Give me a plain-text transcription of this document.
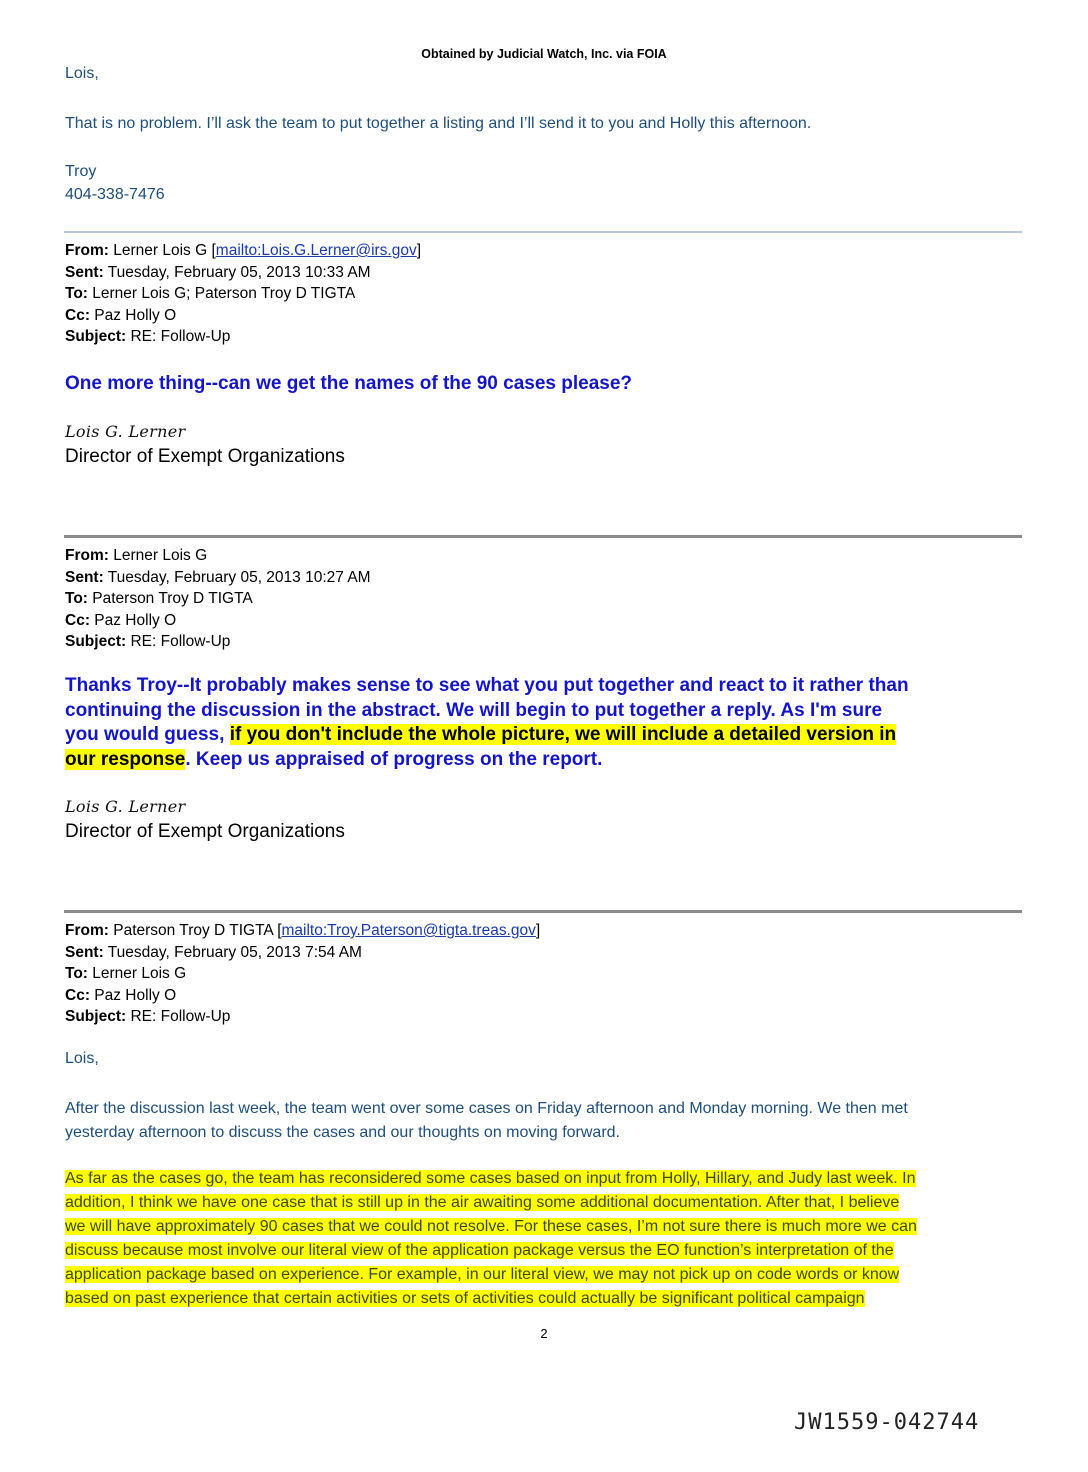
Obtained by Judicial Watch, Inc. via FOIA
Lois,
That is no problem. I’ll ask the team to put together a listing and I’ll send it to you and Holly this afternoon.
Troy
404-338-7476
From: Lerner Lois G [mailto:Lois.G.Lerner@irs.gov]
Sent: Tuesday, February 05, 2013 10:33 AM
To: Lerner Lois G; Paterson Troy D TIGTA
Cc: Paz Holly O
Subject: RE: Follow-Up
One more thing--can we get the names of the 90 cases please?
Lois G. Lerner
Director of Exempt Organizations
From: Lerner Lois G
Sent: Tuesday, February 05, 2013 10:27 AM
To: Paterson Troy D TIGTA
Cc: Paz Holly O
Subject: RE: Follow-Up
Thanks Troy--It probably makes sense to see what you put together and react to it rather than
continuing the discussion in the abstract. We will begin to put together a reply. As I'm sure
you would guess, if you don't include the whole picture, we will include a detailed version in
our response. Keep us appraised of progress on the report.
Lois G. Lerner
Director of Exempt Organizations
From: Paterson Troy D TIGTA [mailto:Troy.Paterson@tigta.treas.gov]
Sent: Tuesday, February 05, 2013 7:54 AM
To: Lerner Lois G
Cc: Paz Holly O
Subject: RE: Follow-Up
Lois,
After the discussion last week, the team went over some cases on Friday afternoon and Monday morning. We then met
yesterday afternoon to discuss the cases and our thoughts on moving forward.
As far as the cases go, the team has reconsidered some cases based on input from Holly, Hillary, and Judy last week. In
addition, I think we have one case that is still up in the air awaiting some additional documentation. After that, I believe
we will have approximately 90 cases that we could not resolve. For these cases, I’m not sure there is much more we can
discuss because most involve our literal view of the application package versus the EO function’s interpretation of the
application package based on experience. For example, in our literal view, we may not pick up on code words or know
based on past experience that certain activities or sets of activities could actually be significant political campaign
2
JW1559-042744
